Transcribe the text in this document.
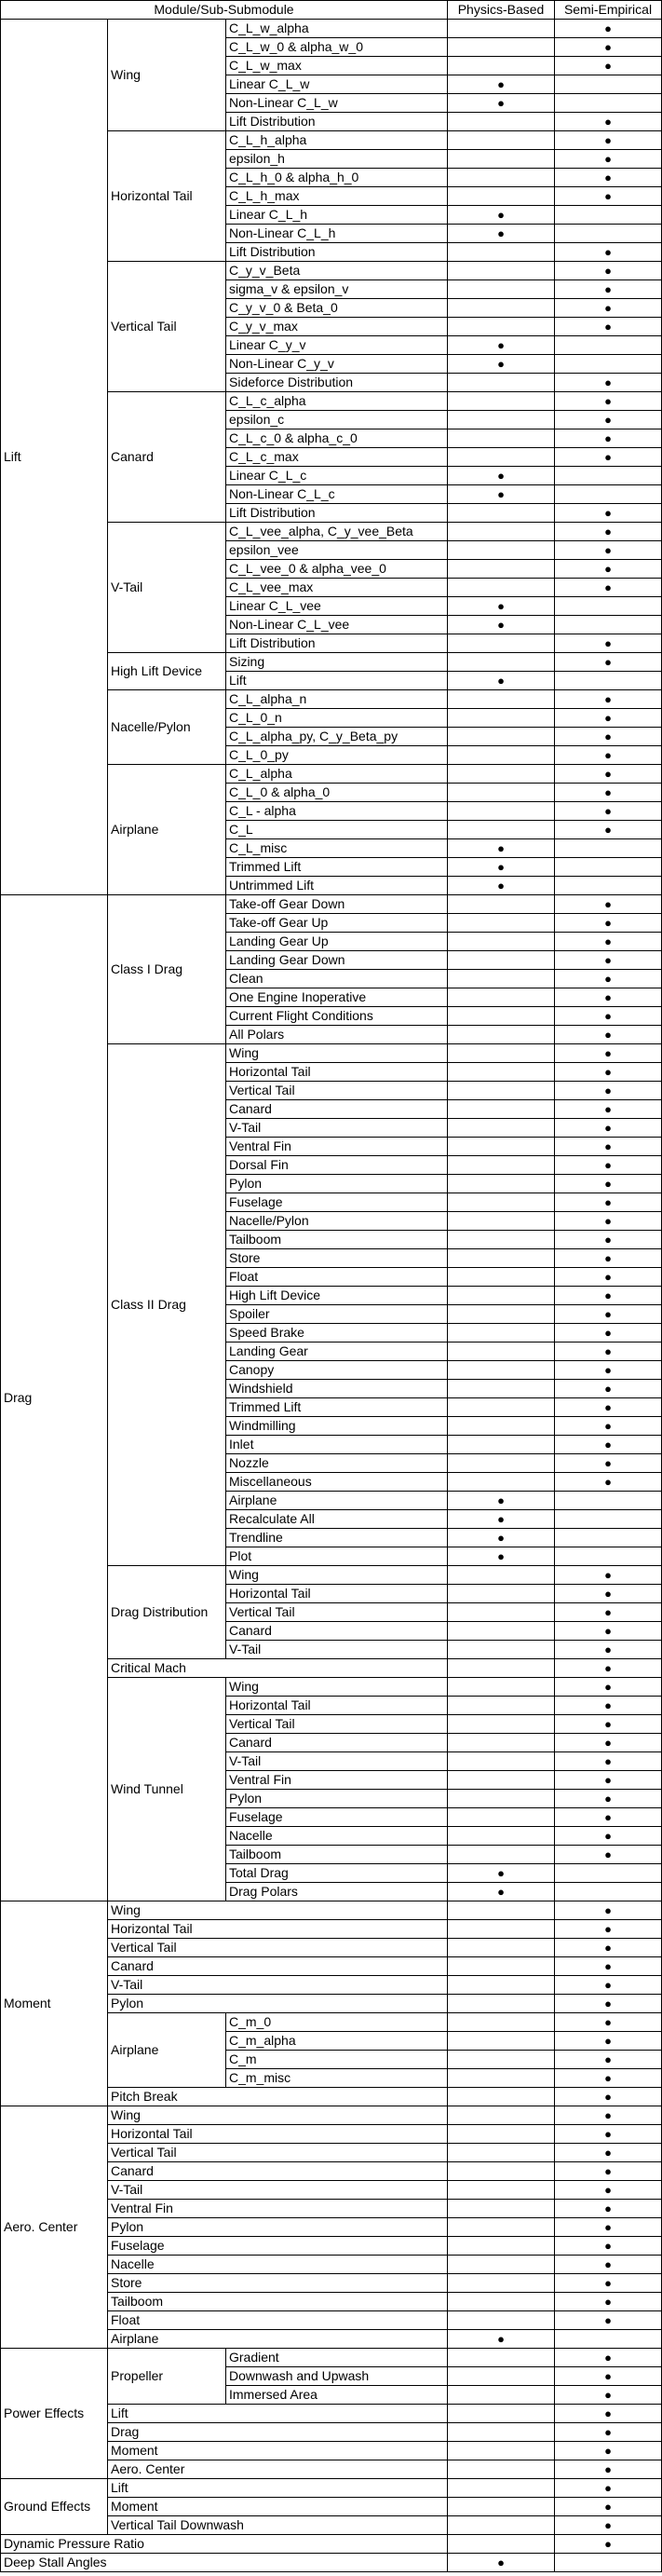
Module/Sub-Submodule			Physics-Based	Semi-Empirical
Lift	Wing	C_L_w_alpha		●
		C_L_w_0 & alpha_w_0		●
		C_L_w_max		●
		Linear C_L_w	●	
		Non-Linear C_L_w	●	
		Lift Distribution		●
	Horizontal Tail	C_L_h_alpha		●
		epsilon_h		●
		C_L_h_0 & alpha_h_0		●
		C_L_h_max		●
		Linear C_L_h	●	
		Non-Linear C_L_h	●	
		Lift Distribution		●
	Vertical Tail	C_y_v_Beta		●
		sigma_v & epsilon_v		●
		C_y_v_0 & Beta_0		●
		C_y_v_max		●
		Linear C_y_v	●	
		Non-Linear C_y_v	●	
		Sideforce Distribution		●
	Canard	C_L_c_alpha		●
		epsilon_c		●
		C_L_c_0 & alpha_c_0		●
		C_L_c_max		●
		Linear C_L_c	●	
		Non-Linear C_L_c	●	
		Lift Distribution		●
	V-Tail	C_L_vee_alpha, C_y_vee_Beta		●
		epsilon_vee		●
		C_L_vee_0 & alpha_vee_0		●
		C_L_vee_max		●
		Linear C_L_vee	●	
		Non-Linear C_L_vee	●	
		Lift Distribution		●
	High Lift Device	Sizing		●
		Lift	●	
	Nacelle/Pylon	C_L_alpha_n		●
		C_L_0_n		●
		C_L_alpha_py, C_y_Beta_py		●
		C_L_0_py		●
	Airplane	C_L_alpha		●
		C_L_0 & alpha_0		●
		C_L - alpha		●
		C_L		●
		C_L_misc	●	
		Trimmed Lift	●	
		Untrimmed Lift	●	
Drag	Class I Drag	Take-off Gear Down		●
		Take-off Gear Up		●
		Landing Gear Up		●
		Landing Gear Down		●
		Clean		●
		One Engine Inoperative		●
		Current Flight Conditions		●
		All Polars		●
	Class II Drag	Wing		●
		Horizontal Tail		●
		Vertical Tail		●
		Canard		●
		V-Tail		●
		Ventral Fin		●
		Dorsal Fin		●
		Pylon		●
		Fuselage		●
		Nacelle/Pylon		●
		Tailboom		●
		Store		●
		Float		●
		High Lift Device		●
		Spoiler		●
		Speed Brake		●
		Landing Gear		●
		Canopy		●
		Windshield		●
		Trimmed Lift		●
		Windmilling		●
		Inlet		●
		Nozzle		●
		Miscellaneous		●
		Airplane	●	
		Recalculate All	●	
		Trendline	●	
		Plot	●	
	Drag Distribution	Wing		●
		Horizontal Tail		●
		Vertical Tail		●
		Canard		●
		V-Tail		●
	Critical Mach			●
	Wind Tunnel	Wing		●
		Horizontal Tail		●
		Vertical Tail		●
		Canard		●
		V-Tail		●
		Ventral Fin		●
		Pylon		●
		Fuselage		●
		Nacelle		●
		Tailboom		●
		Total Drag	●	
		Drag Polars	●	
Moment	Wing			●
	Horizontal Tail			●
	Vertical Tail			●
	Canard			●
	V-Tail			●
	Pylon			●
	Airplane	C_m_0		●
		C_m_alpha		●
		C_m		●
		C_m_misc		●
	Pitch Break			●
Aero. Center	Wing			●
	Horizontal Tail			●
	Vertical Tail			●
	Canard			●
	V-Tail			●
	Ventral Fin			●
	Pylon			●
	Fuselage			●
	Nacelle			●
	Store			●
	Tailboom			●
	Float			●
	Airplane		●	
Power Effects	Propeller	Gradient		●
		Downwash and Upwash		●
		Immersed Area		●
	Lift			●
	Drag			●
	Moment			●
	Aero. Center			●
Ground Effects	Lift			●
	Moment			●
	Vertical Tail Downwash			●
Dynamic Pressure Ratio				●
Deep Stall Angles			●	
